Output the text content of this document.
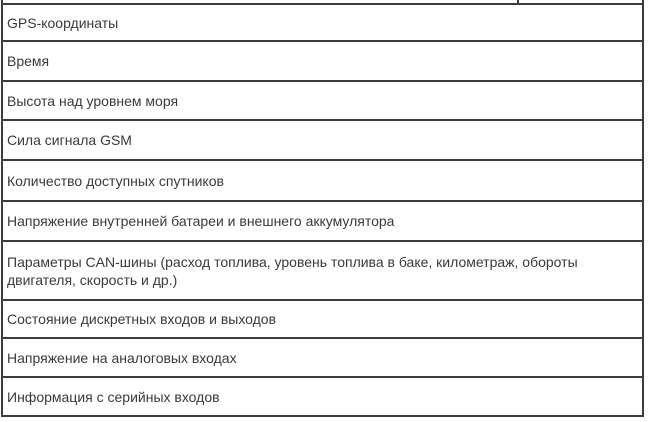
GPS-координаты
Время
Высота над уровнем моря
Сила сигнала GSM
Количество доступных спутников
Напряжение внутренней батареи и внешнего аккумулятора
Параметры CAN-шины (расход топлива, уровень топлива в баке, километраж, обороты двигателя, скорость и др.)
Состояние дискретных входов и выходов
Напряжение на аналоговых входах
Информация с серийных входов
